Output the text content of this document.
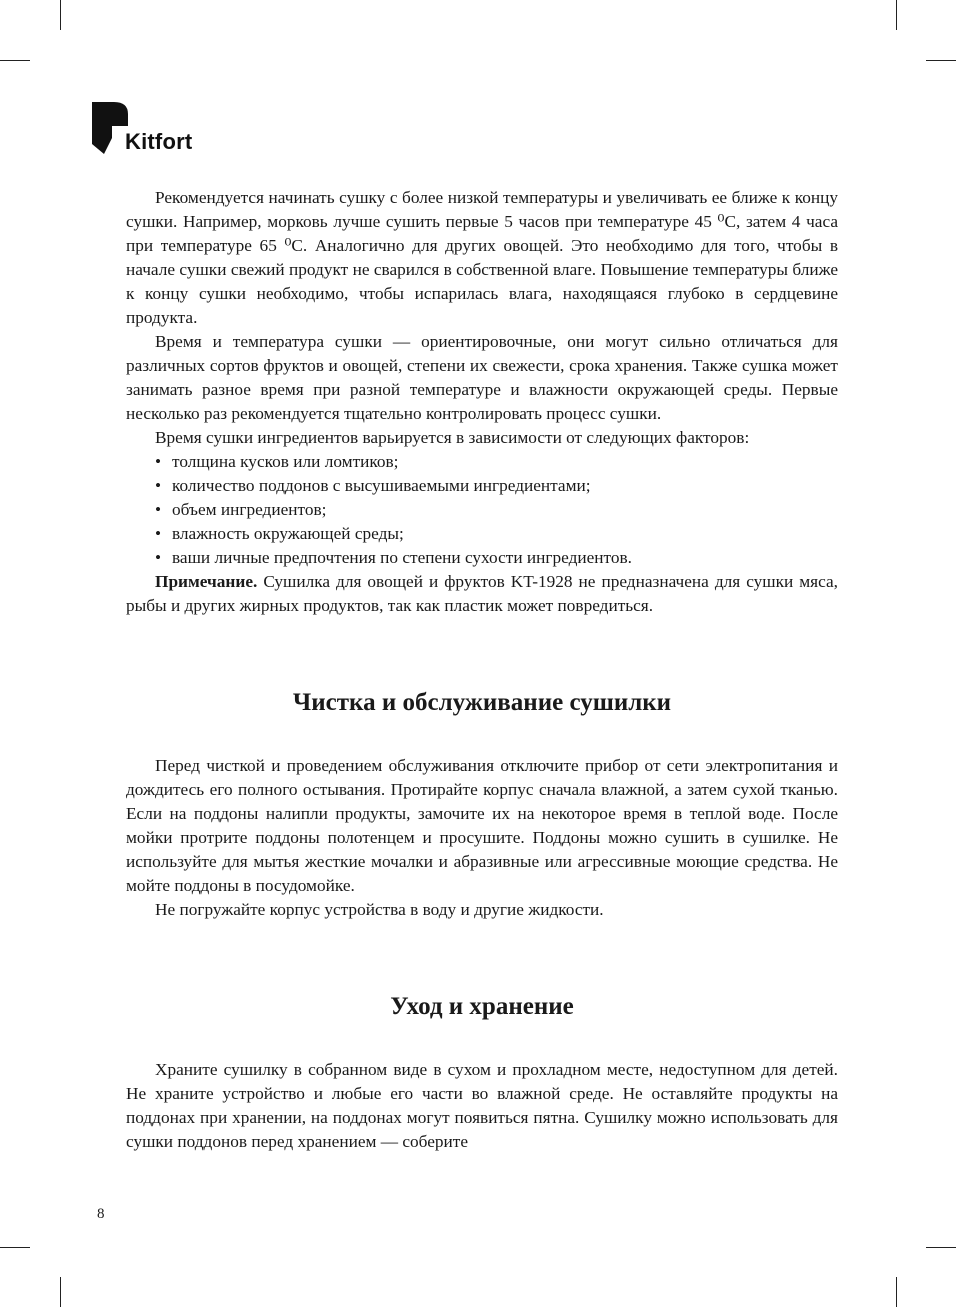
Kitfort

Рекомендуется начинать сушку с более низкой температуры и увеличивать ее ближе к концу сушки. Например, морковь лучше сушить первые 5 часов при температуре 45 ⁰С, затем 4 часа при температуре 65 ⁰С. Аналогично для других овощей. Это необходимо для того, чтобы в начале сушки свежий продукт не сварился в собственной влаге. Повышение температуры ближе к концу сушки необходимо, чтобы испарилась влага, находящаяся глубоко в сердцевине продукта.

Время и температура сушки — ориентировочные, они могут сильно отличаться для различных сортов фруктов и овощей, степени их свежести, срока хранения. Также сушка может занимать разное время при разной температуре и влажности окружающей среды. Первые несколько раз рекомендуется тщательно контролировать процесс сушки.

Время сушки ингредиентов варьируется в зависимости от следующих факторов:

• толщина кусков или ломтиков;
• количество поддонов с высушиваемыми ингредиентами;
• объем ингредиентов;
• влажность окружающей среды;
• ваши личные предпочтения по степени сухости ингредиентов.

Примечание. Сушилка для овощей и фруктов KT-1928 не предназначена для сушки мяса, рыбы и других жирных продуктов, так как пластик может повредиться.

Чистка и обслуживание сушилки

Перед чисткой и проведением обслуживания отключите прибор от сети электропитания и дождитесь его полного остывания. Протирайте корпус сначала влажной, а затем сухой тканью. Если на поддоны налипли продукты, замочите их на некоторое время в теплой воде. После мойки протрите поддоны полотенцем и просушите. Поддоны можно сушить в сушилке. Не используйте для мытья жесткие мочалки и абразивные или агрессивные моющие средства. Не мойте поддоны в посудомойке.

Не погружайте корпус устройства в воду и другие жидкости.

Уход и хранение

Храните сушилку в собранном виде в сухом и прохладном месте, недоступном для детей. Не храните устройство и любые его части во влажной среде. Не оставляйте продукты на поддонах при хранении, на поддонах могут появиться пятна. Сушилку можно использовать для сушки поддонов перед хранением — соберите

8
